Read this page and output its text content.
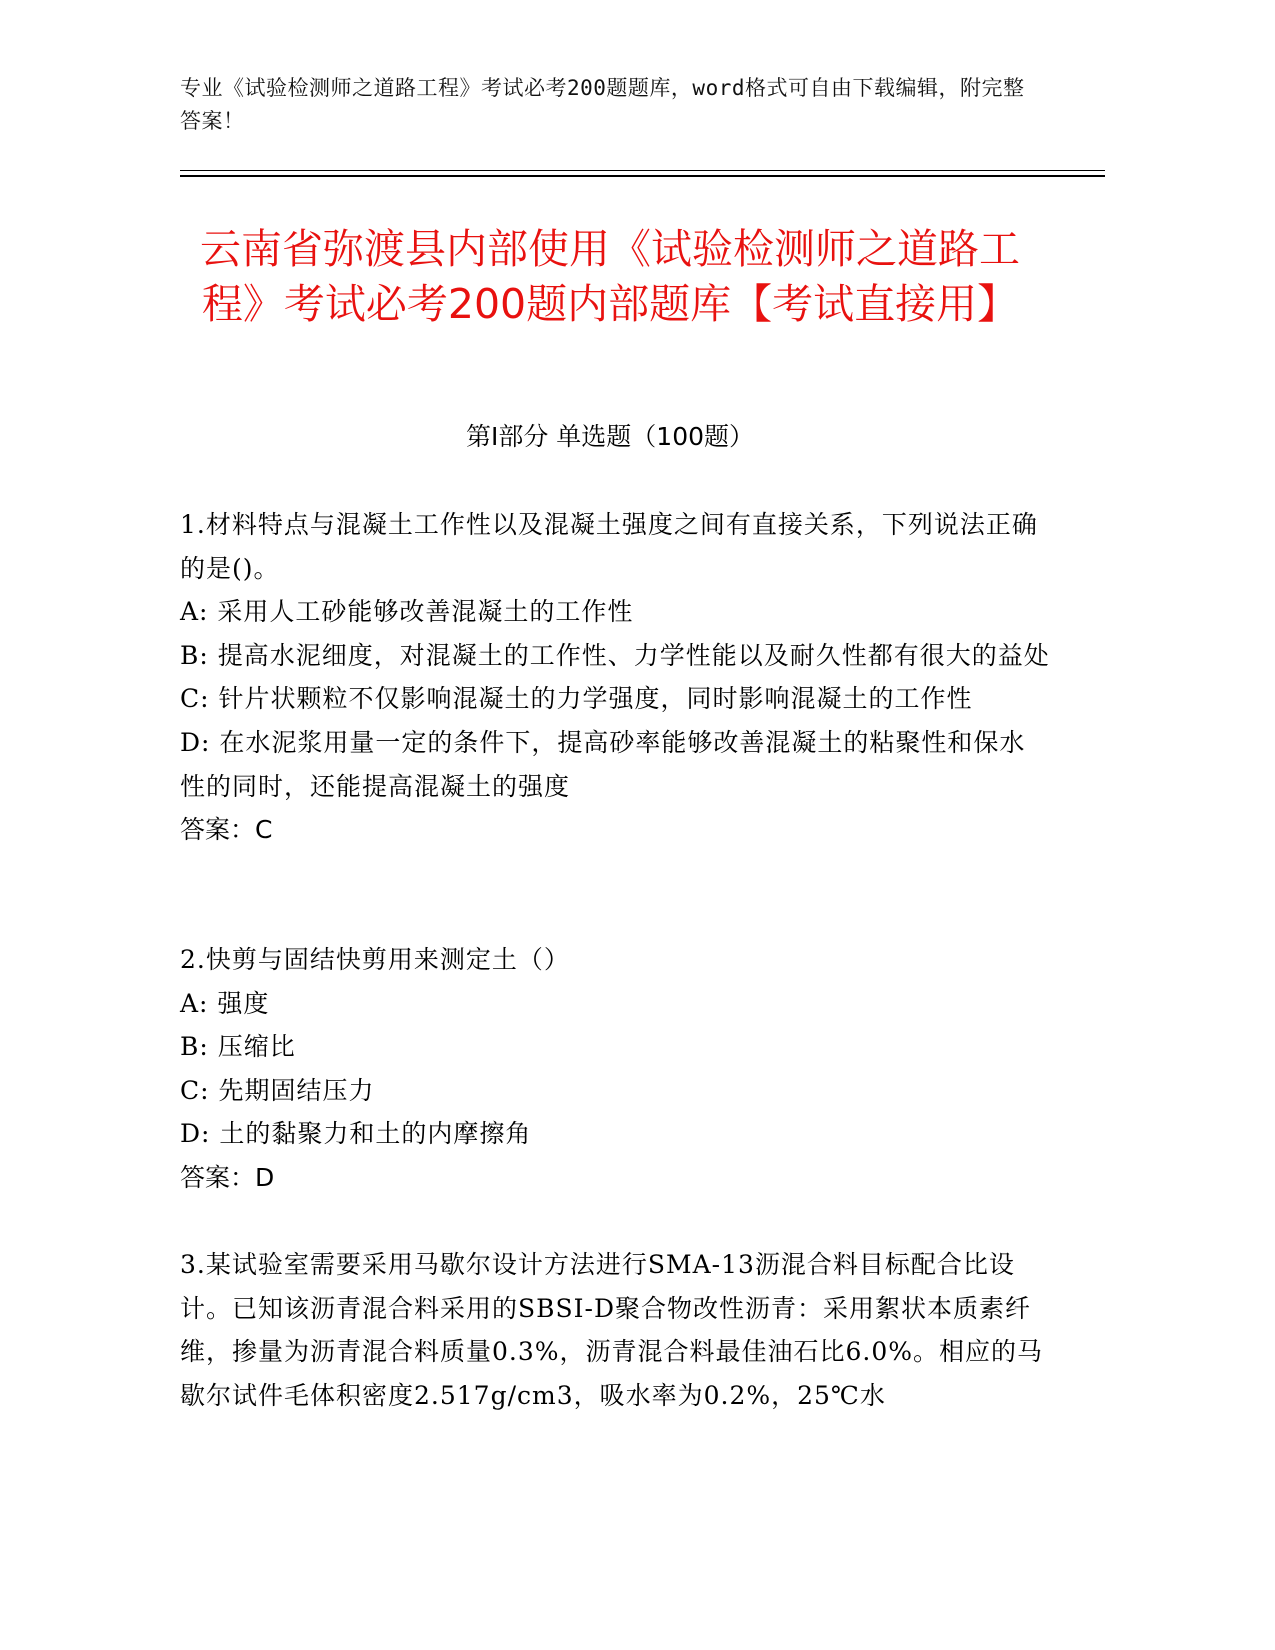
专业《试验检测师之道路工程》考试必考200题题库，word格式可自由下载编辑，附完整答案！
云南省弥渡县内部使用《试验检测师之道路工程》考试必考200题内部题库【考试直接用】
第I部分 单选题（100题）

1.材料特点与混凝土工作性以及混凝土强度之间有直接关系，下列说法正确的是()。

A: 采用人工砂能够改善混凝土的工作性

B: 提高水泥细度，对混凝土的工作性、力学性能以及耐久性都有很大的益处

C: 针片状颗粒不仅影响混凝土的力学强度，同时影响混凝土的工作性

D: 在水泥浆用量一定的条件下，提高砂率能够改善混凝土的粘聚性和保水性的同时，还能提高混凝土的强度

答案：C

2.快剪与固结快剪用来测定土（）

A: 强度

B: 压缩比

C: 先期固结压力

D: 土的黏聚力和土的内摩擦角

答案：D

3.某试验室需要采用马歇尔设计方法进行SMA-13沥混合料目标配合比设计。已知该沥青混合料采用的SBSI-D聚合物改性沥青：采用絮状本质素纤维，掺量为沥青混合料质量0.3%，沥青混合料最佳油石比6.0%。相应的马歇尔试件毛体积密度2.517g/cm3，吸水率为0.2%，25℃水
